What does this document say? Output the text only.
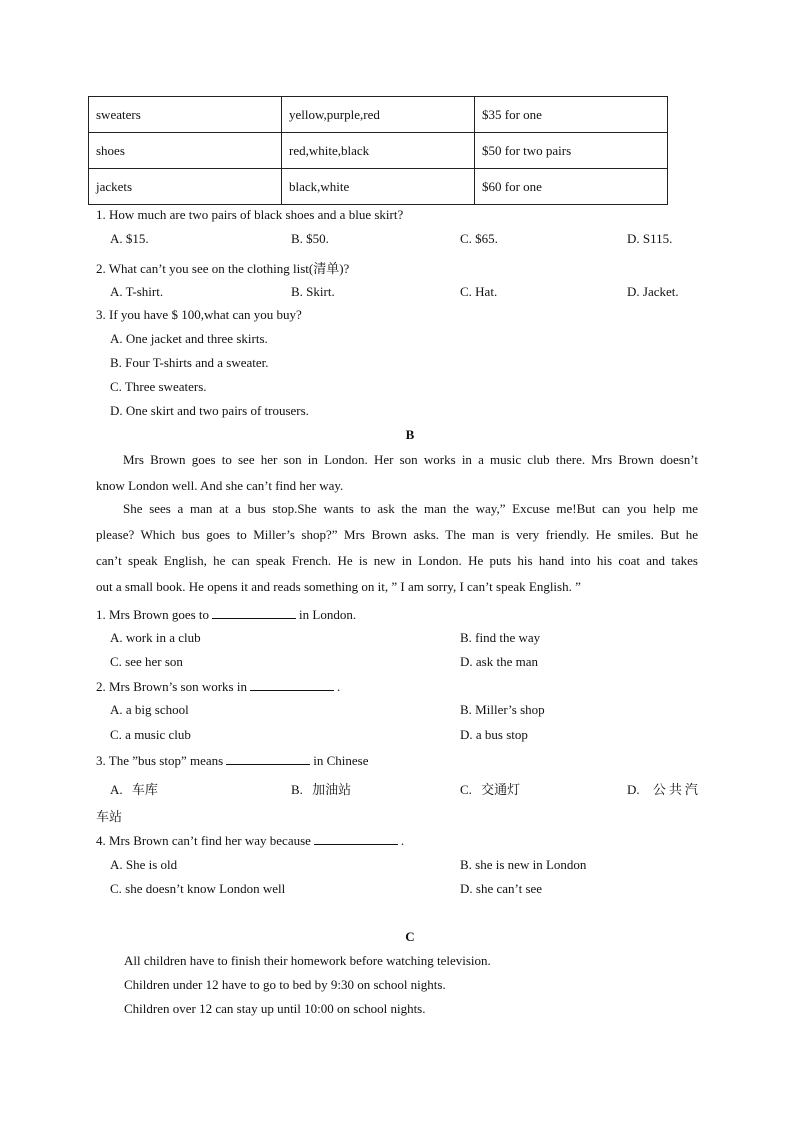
sweaters	yellow,purple,red	$35 for one
shoes	red,white,black	$50 for two pairs
jackets	black,white	$60 for one
1. How much are two pairs of black shoes and a blue skirt?
A. $15.	B. $50.	C. $65.	D. S115.
2. What can’t you see on the clothing list(清单)?
A. T-shirt.	B. Skirt.	C. Hat.	D. Jacket.
3. If you have $ 100,what can you buy?
A. One jacket and three skirts.
B. Four T-shirts and a sweater.
C. Three sweaters.
D. One skirt and two pairs of trousers.
B
Mrs Brown goes to see her son in London. Her son works in a music club there. Mrs Brown doesn’t
know London well. And she can’t find her way.
She sees a man at a bus stop.She wants to ask the man the way,” Excuse me!But can you help me
please? Which bus goes to Miller’s shop?” Mrs Brown asks. The man is very friendly. He smiles. But he
can’t speak English, he can speak French. He is new in London. He puts his hand into his coat and takes
out a small book. He opens it and reads something on it, ” I am sorry, I can’t speak English. ”
1. Mrs Brown goes to	in London.
A. work in a club	B. find the way
C. see her son	D. ask the man
2. Mrs Brown’s son works in	.
A. a big school	B. Miller’s shop
C. a music club	D. a bus stop
3. The ”bus stop” means	in Chinese
A. 车库	B. 加油站	C. 交通灯	D. 公共汽
车站
4. Mrs Brown can’t find her way because	.
A. She is old	B. she is new in London
C. she doesn’t know London well	D. she can’t see
C
All children have to finish their homework before watching television.
Children under 12 have to go to bed by 9:30 on school nights.
Children over 12 can stay up until 10:00 on school nights.
